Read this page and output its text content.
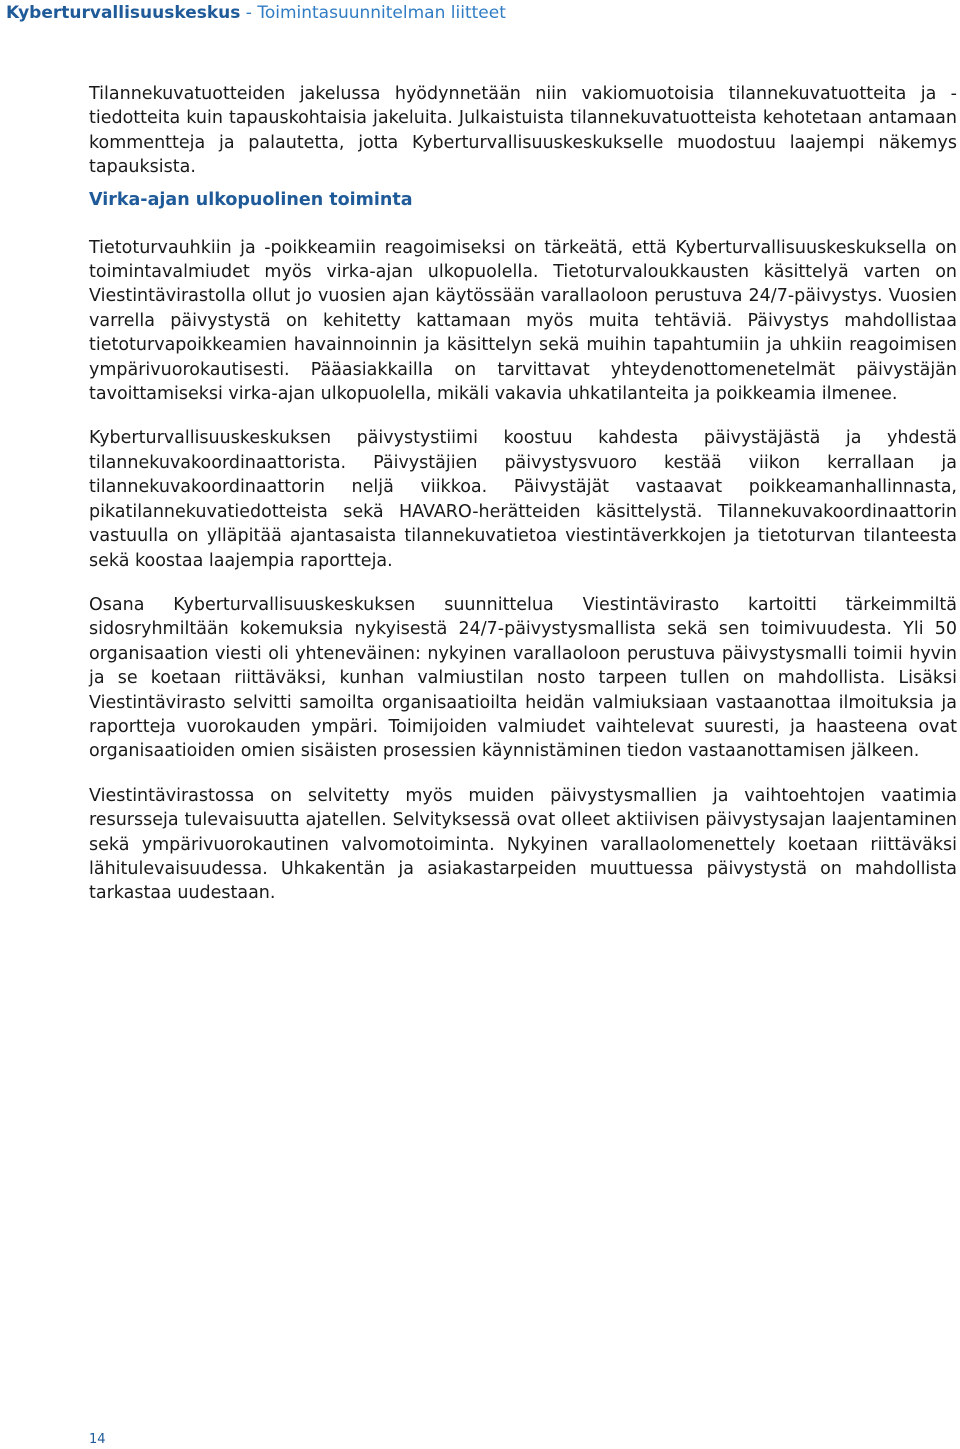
Kyberturvallisuuskeskus - Toimintasuunnitelman liitteet

Tilannekuvatuotteiden jakelussa hyödynnetään niin vakiomuotoisia tilannekuvatuotteita ja -tiedotteita kuin tapauskohtaisia jakeluita. Julkaistuista tilannekuvatuotteista kehotetaan antamaan kommentteja ja palautetta, jotta Kyberturvallisuuskeskukselle muodostuu laajempi näkemys tapauksista.

Virka-ajan ulkopuolinen toiminta

Tietoturvauhkiin ja -poikkeamiin reagoimiseksi on tärkeätä, että Kyberturvallisuuskeskuksella on toimintavalmiudet myös virka-ajan ulkopuolella. Tietoturvaloukkausten käsittelyä varten on Viestintävirastolla ollut jo vuosien ajan käytössään varallaoloon perustuva 24/7-päivystys. Vuosien varrella päivystystä on kehitetty kattamaan myös muita tehtäviä. Päivystys mahdollistaa tietoturvapoikkeamien havainnoinnin ja käsittelyn sekä muihin tapahtumiin ja uhkiin reagoimisen ympärivuorokautisesti. Pääasiakkailla on tarvittavat yhteydenottomenetelmät päivystäjän tavoittamiseksi virka-ajan ulkopuolella, mikäli vakavia uhkatilanteita ja poikkeamia ilmenee.

Kyberturvallisuuskeskuksen päivystystiimi koostuu kahdesta päivystäjästä ja yhdestä tilannekuvakoordinaattorista. Päivystäjien päivystysvuoro kestää viikon kerrallaan ja tilannekuvakoordinaattorin neljä viikkoa. Päivystäjät vastaavat poikkeamanhallinnasta, pikatilannekuvatiedotteista sekä HAVARO-herätteiden käsittelystä. Tilannekuvakoordinaattorin vastuulla on ylläpitää ajantasaista tilannekuvatietoa viestintäverkkojen ja tietoturvan tilanteesta sekä koostaa laajempia raportteja.

Osana Kyberturvallisuuskeskuksen suunnittelua Viestintävirasto kartoitti tärkeimmiltä sidosryhmiltään kokemuksia nykyisestä 24/7-päivystysmallista sekä sen toimivuudesta. Yli 50 organisaation viesti oli yhteneväinen: nykyinen varallaoloon perustuva päivystysmalli toimii hyvin ja se koetaan riittäväksi, kunhan valmiustilan nosto tarpeen tullen on mahdollista. Lisäksi Viestintävirasto selvitti samoilta organisaatioilta heidän valmiuksiaan vastaanottaa ilmoituksia ja raportteja vuorokauden ympäri. Toimijoiden valmiudet vaihtelevat suuresti, ja haasteena ovat organisaatioiden omien sisäisten prosessien käynnistäminen tiedon vastaanottamisen jälkeen.

Viestintävirastossa on selvitetty myös muiden päivystysmallien ja vaihtoehtojen vaatimia resursseja tulevaisuutta ajatellen. Selvityksessä ovat olleet aktiivisen päivystysajan laajentaminen sekä ympärivuorokautinen valvomotoiminta. Nykyinen varallaolomenettely koetaan riittäväksi lähitulevaisuudessa. Uhkakentän ja asiakastarpeiden muuttuessa päivystystä on mahdollista tarkastaa uudestaan.

14
